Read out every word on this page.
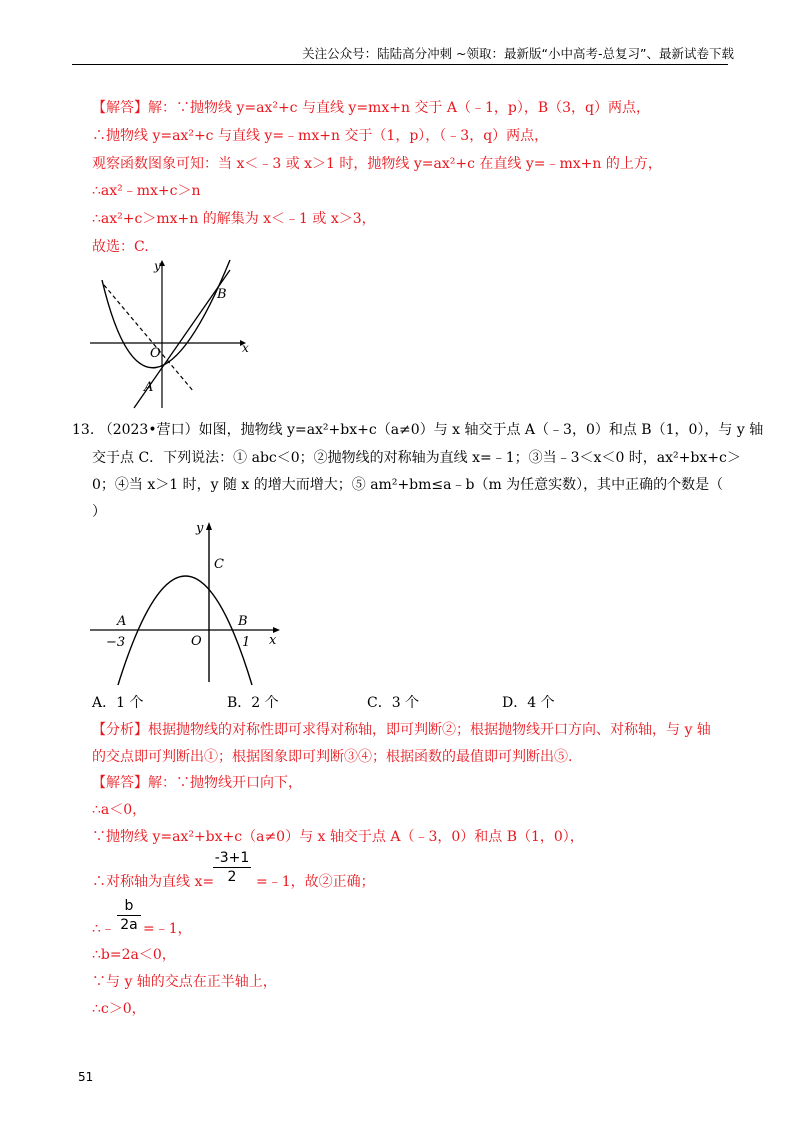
关注公众号：陆陆高分冲刺 ~领取：最新版“小中高考-总复习”、最新试卷下载
【解答】解：∵抛物线 y=ax²+c 与直线 y=mx+n 交于 A（﹣1，p），B（3，q）两点，
∴抛物线 y=ax²+c 与直线 y=﹣mx+n 交于（1，p），（﹣3，q）两点，
观察函数图象可知：当 x＜﹣3 或 x＞1 时，抛物线 y=ax²+c 在直线 y=﹣mx+n 的上方，
∴ax²﹣mx+c＞n
∴ax²+c＞mx+n 的解集为 x＜﹣1 或 x＞3，
故选：C.
y
x
O
A
B
13. （2023•营口）如图，抛物线 y=ax²+bx+c（a≠0）与 x 轴交于点 A（﹣3，0）和点 B（1，0），与 y 轴
交于点 C．下列说法：① abc＜0；②抛物线的对称轴为直线 x=﹣1；③当﹣3＜x＜0 时，ax²+bx+c＞
0；④当 x＞1 时，y 随 x 的增大而增大；⑤ am²+bm≤a﹣b（m 为任意实数），其中正确的个数是（
）
y
x
O
A	B
C
−3	1
A．1 个	B．2 个	C．3 个	D．4 个
【分析】根据抛物线的对称性即可求得对称轴，即可判断②；根据抛物线开口方向、对称轴，与 y 轴
的交点即可判断出①；根据图象即可判断③④；根据函数的最值即可判断出⑤.
【解答】解：∵抛物线开口向下，
∴a＜0，
∵抛物线 y=ax²+bx+c（a≠0）与 x 轴交于点 A（﹣3，0）和点 B（1，0），
∴对称轴为直线 x=
-3+1
2	=﹣1，故②正确；
∴﹣
b
2a =﹣1，
∴b=2a＜0，
∵与 y 轴的交点在正半轴上，
∴c＞0，
51
